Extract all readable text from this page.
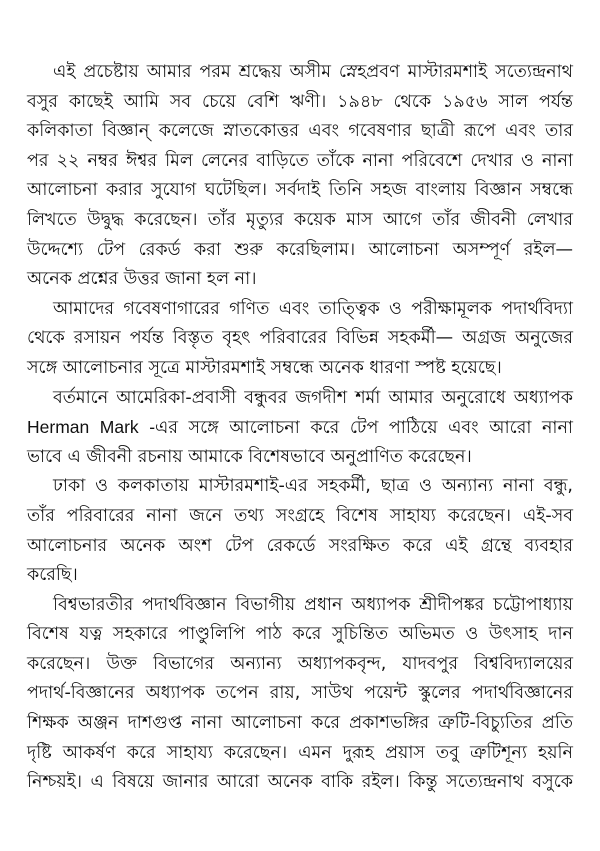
এই প্রচেষ্টায় আমার পরম শ্রদ্ধেয় অসীম স্নেহপ্রবণ মাস্টারমশাই সত্যেন্দ্রনাথ
বসুর কাছেই আমি সব চেয়ে বেশি ঋণী। ১৯৪৮ থেকে ১৯৫৬ সাল পর্যন্ত
কলিকাতা বিজ্ঞান্ কলেজে স্নাতকোত্তর এবং গবেষণার ছাত্রী রূপে এবং তার
পর ২২ নম্বর ঈশ্বর মিল লেনের বাড়িতে তাঁকে নানা পরিবেশে দেখার ও নানা
আলোচনা করার সুযোগ ঘটেছিল। সর্বদাই তিনি সহজ বাংলায় বিজ্ঞান সম্বন্ধে
লিখতে উদ্বুদ্ধ করেছেন। তাঁর মৃত্যুর কয়েক মাস আগে তাঁর জীবনী লেখার
উদ্দেশ্যে টেপ রেকর্ড করা শুরু করেছিলাম। আলোচনা অসম্পূর্ণ রইল—
অনেক প্রশ্নের উত্তর জানা হল না।
আমাদের গবেষণাগারের গণিত এবং তাত্ত্বিক ও পরীক্ষামূলক পদার্থবিদ্যা
থেকে রসায়ন পর্যন্ত বিস্তৃত বৃহৎ পরিবারের বিভিন্ন সহকর্মী— অগ্রজ অনুজের
সঙ্গে আলোচনার সূত্রে মাস্টারমশাই সম্বন্ধে অনেক ধারণা স্পষ্ট হয়েছে।
বর্তমানে আমেরিকা-প্রবাসী বন্ধুবর জগদীশ শর্মা আমার অনুরোধে অধ্যাপক
Herman Mark -এর সঙ্গে আলোচনা করে টেপ পাঠিয়ে এবং আরো নানা
ভাবে এ জীবনী রচনায় আমাকে বিশেষভাবে অনুপ্রাণিত করেছেন।
ঢাকা ও কলকাতায় মাস্টারমশাই-এর সহকর্মী, ছাত্র ও অন্যান্য নানা বন্ধু,
তাঁর পরিবারের নানা জনে তথ্য সংগ্রহে বিশেষ সাহায্য করেছেন। এই-সব
আলোচনার অনেক অংশ টেপ রেকর্ডে সংরক্ষিত করে এই গ্রন্থে ব্যবহার
করেছি।
বিশ্বভারতীর পদার্থবিজ্ঞান বিভাগীয় প্রধান অধ্যাপক শ্রীদীপঙ্কর চট্টোপাধ্যায়
বিশেষ যত্ন সহকারে পাণ্ডুলিপি পাঠ করে সুচিন্তিত অভিমত ও উৎসাহ দান
করেছেন। উক্ত বিভাগের অন্যান্য অধ্যাপকবৃন্দ, যাদবপুর বিশ্ববিদ্যালয়ের
পদার্থ-বিজ্ঞানের অধ্যাপক তপেন রায়, সাউথ পয়েন্ট স্কুলের পদার্থবিজ্ঞানের
শিক্ষক অঞ্জন দাশগুপ্ত নানা আলোচনা করে প্রকাশভঙ্গির ত্রুটি-বিচ্যুতির প্রতি
দৃষ্টি আকর্ষণ করে সাহায্য করেছেন। এমন দুরূহ প্রয়াস তবু ত্রুটিশূন্য হয়নি
নিশ্চয়ই। এ বিষয়ে জানার আরো অনেক বাকি রইল। কিন্তু সত্যেন্দ্রনাথ বসুকে
